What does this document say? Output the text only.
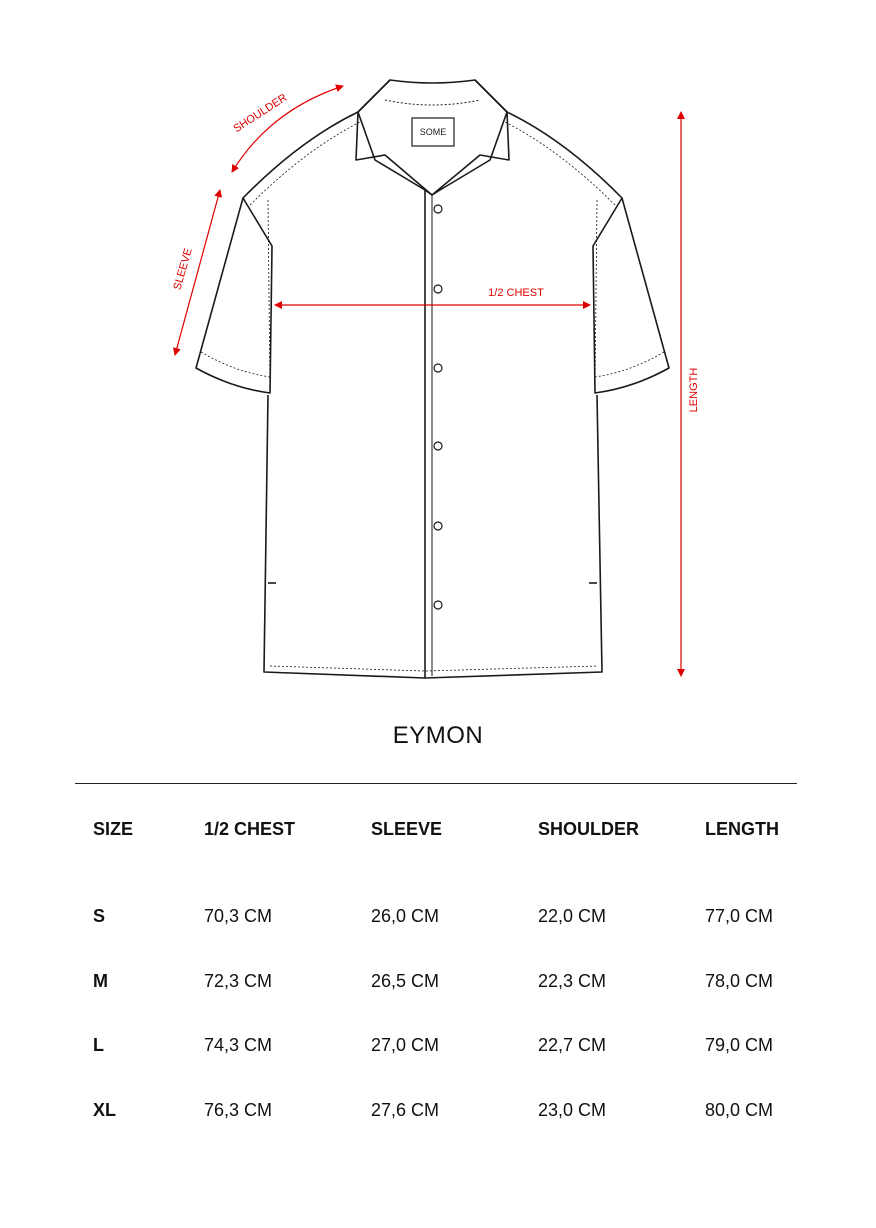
SOME
SHOULDER
SLEEVE
1/2 CHEST
LENGTH
EYMON
SIZE	1/2 CHEST	SLEEVE	SHOULDER	LENGTH
S	70,3 CM	26,0 CM	22,0 CM	77,0 CM
M	72,3 CM	26,5 CM	22,3 CM	78,0 CM
L	74,3 CM	27,0 CM	22,7 CM	79,0 CM
XL	76,3 CM	27,6 CM	23,0 CM	80,0 CM
